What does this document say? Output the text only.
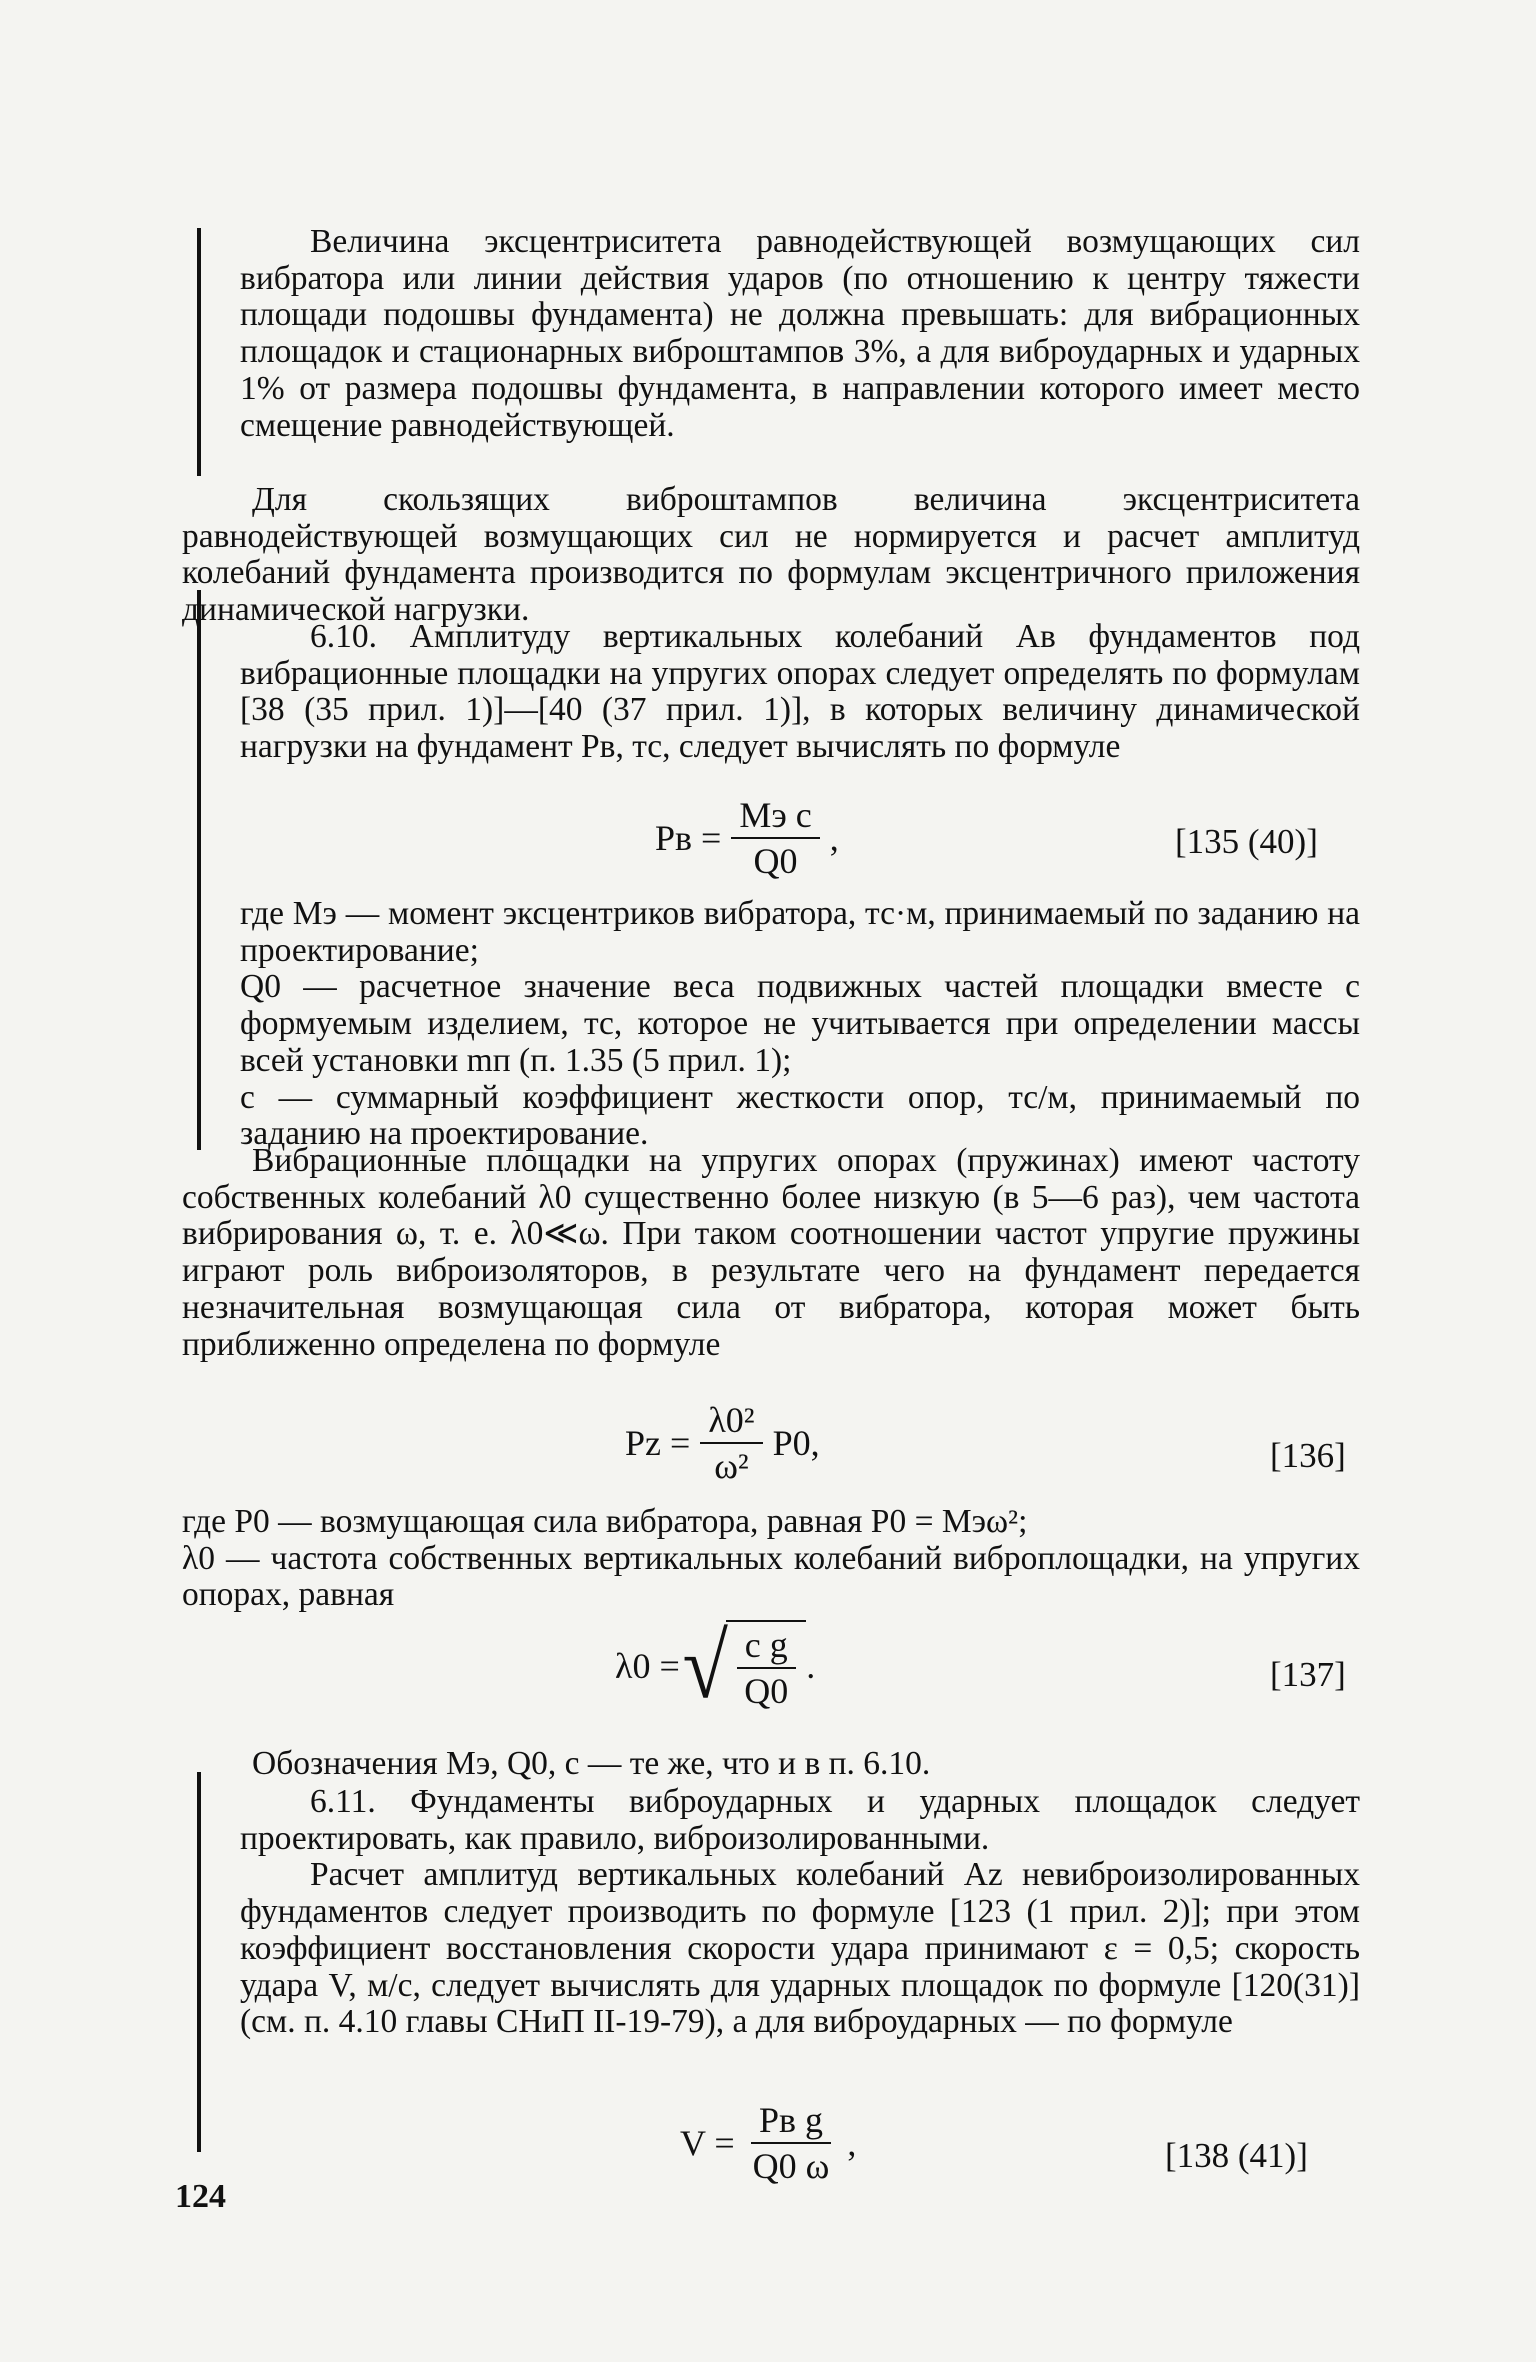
Величина эксцентриситета равнодействующей возмущающих сил вибратора или линии действия ударов (по отношению к центру тяжести площади подошвы фундамента) не должна превышать: для вибрационных площадок и стационарных виброштампов 3%, а для виброударных и ударных 1% от размера подошвы фундамента, в направлении которого имеет место смещение равнодействующей.

Для скользящих виброштампов величина эксцентриситета равнодействующей возмущающих сил не нормируется и расчет амплитуд колебаний фундамента производится по формулам эксцентричного приложения динамической нагрузки.

6.10. Амплитуду вертикальных колебаний Aв фундаментов под вибрационные площадки на упругих опорах следует определять по формулам [38 (35 прил. 1)]—[40 (37 прил. 1)], в которых величину динамической нагрузки на фундамент Pв, тс, следует вычислять по формуле

Pв = $\frac{\text{Mэ c}}{Q0}$ ,	[135 (40)]

где Mэ — момент эксцентриков вибратора, тс·м, принимаемый по заданию на проектирование;

Q0 — расчетное значение веса подвижных частей площадки вместе с формуемым изделием, тс, которое не учитывается при определении массы всей установки mп (п. 1.35 (5 прил. 1);

c — суммарный коэффициент жесткости опор, тс/м, принимаемый по заданию на проектирование.

Вибрационные площадки на упругих опорах (пружинах) имеют частоту собственных колебаний λ0 существенно более низкую (в 5—6 раз), чем частота вибрирования ω, т. е. λ0≪ω. При таком соотношении частот упругие пружины играют роль виброизоляторов, в результате чего на фундамент передается незначительная возмущающая сила от вибратора, которая может быть приближенно определена по формуле

$Pz = \frac{\text{λ0²}}{\text{ω²}} P0$,	[136]

где P0 — возмущающая сила вибратора, равная P0 = Mэω²;

λ0 — частота собственных вертикальных колебаний виброплощадки, на упругих опорах, равная

λ0 = √ $\frac{\text{c g}}{Q0}$ .	[137]

Обозначения Mэ, Q0, c — те же, что и в п. 6.10.

6.11. Фундаменты виброударных и ударных площадок следует проектировать, как правило, виброизолированными.

Расчет амплитуд вертикальных колебаний Az невиброизолированных фундаментов следует производить по формуле [123 (1 прил. 2)]; при этом коэффициент восстановления скорости удара принимают ε = 0,5; скорость удара V, м/с, следует вычислять для ударных площадок по формуле [120(31)] (см. п. 4.10 главы СНиП II-19-79), а для виброударных — по формуле

$V = \frac{\text{Pв g}}{Q0 \omega}$ ,	[138 (41)]
124
